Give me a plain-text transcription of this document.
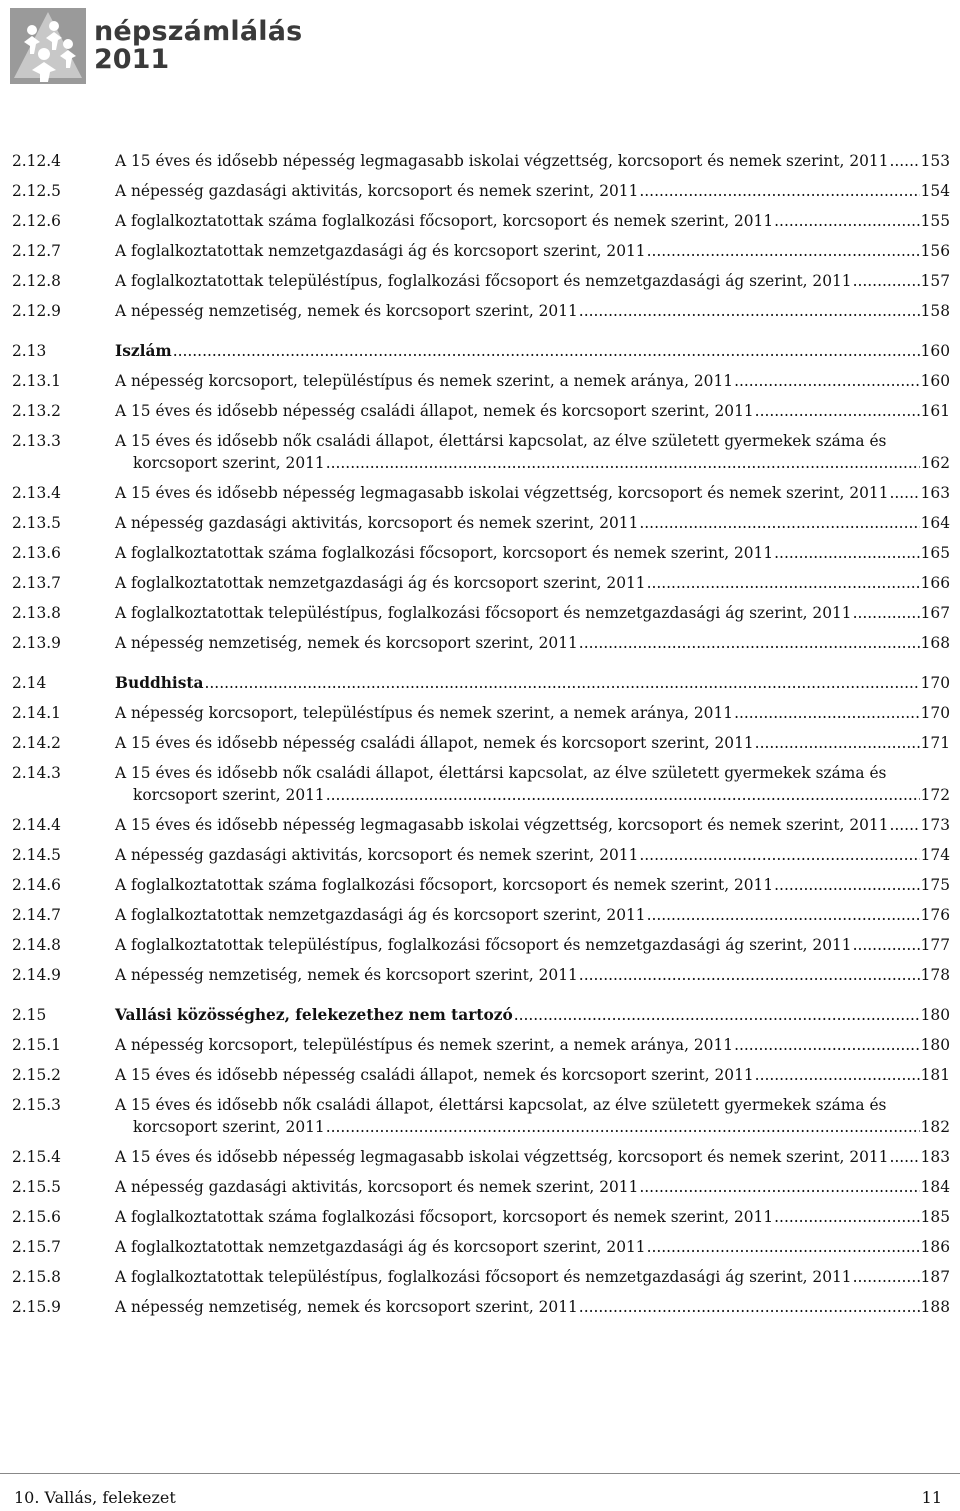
népszámlálás
2011
2.12.4	A 15 éves és idősebb népesség legmagasabb iskolai végzettség, korcsoport és nemek szerint, 2011 ..... 153
2.12.5	A népesség gazdasági aktivitás, korcsoport és nemek szerint, 2011 .....	154
2.12.6	A foglalkoztatottak száma foglalkozási főcsoport, korcsoport és nemek szerint, 2011 .....	155
2.12.7	A foglalkoztatottak nemzetgazdasági ág és korcsoport szerint, 2011 .....	156
2.12.8	A foglalkoztatottak településtípus, foglalkozási főcsoport és nemzetgazdasági ág szerint, 2011 .....	157
2.12.9	A népesség nemzetiség, nemek és korcsoport szerint, 2011 .....	158
2.13	Iszlám .....	160
2.13.1	A népesség korcsoport, településtípus és nemek szerint, a nemek aránya, 2011 .....	160
2.13.2	A 15 éves és idősebb népesség családi állapot, nemek és korcsoport szerint, 2011 .....	161
2.13.3	A 15 éves és idősebb nők családi állapot, élettársi kapcsolat, az élve született gyermekek száma és
korcsoport szerint, 2011 .....	162
2.13.4	A 15 éves és idősebb népesség legmagasabb iskolai végzettség, korcsoport és nemek szerint, 2011 ..... 163
2.13.5	A népesség gazdasági aktivitás, korcsoport és nemek szerint, 2011 .....	164
2.13.6	A foglalkoztatottak száma foglalkozási főcsoport, korcsoport és nemek szerint, 2011 .....	165
2.13.7	A foglalkoztatottak nemzetgazdasági ág és korcsoport szerint, 2011 .....	166
2.13.8	A foglalkoztatottak településtípus, foglalkozási főcsoport és nemzetgazdasági ág szerint, 2011 .....	167
2.13.9	A népesség nemzetiség, nemek és korcsoport szerint, 2011 .....	168
2.14	Buddhista .....	170
2.14.1	A népesség korcsoport, településtípus és nemek szerint, a nemek aránya, 2011 .....	170
2.14.2	A 15 éves és idősebb népesség családi állapot, nemek és korcsoport szerint, 2011 .....	171
2.14.3	A 15 éves és idősebb nők családi állapot, élettársi kapcsolat, az élve született gyermekek száma és
korcsoport szerint, 2011 .....	172
2.14.4	A 15 éves és idősebb népesség legmagasabb iskolai végzettség, korcsoport és nemek szerint, 2011 ..... 173
2.14.5	A népesség gazdasági aktivitás, korcsoport és nemek szerint, 2011 .....	174
2.14.6	A foglalkoztatottak száma foglalkozási főcsoport, korcsoport és nemek szerint, 2011 .....	175
2.14.7	A foglalkoztatottak nemzetgazdasági ág és korcsoport szerint, 2011 .....	176
2.14.8	A foglalkoztatottak településtípus, foglalkozási főcsoport és nemzetgazdasági ág szerint, 2011 .....	177
2.14.9	A népesség nemzetiség, nemek és korcsoport szerint, 2011 .....	178
2.15	Vallási közösséghez, felekezethez nem tartozó .....	180
2.15.1	A népesség korcsoport, településtípus és nemek szerint, a nemek aránya, 2011 .....	180
2.15.2	A 15 éves és idősebb népesség családi állapot, nemek és korcsoport szerint, 2011 .....	181
2.15.3	A 15 éves és idősebb nők családi állapot, élettársi kapcsolat, az élve született gyermekek száma és
korcsoport szerint, 2011 .....	182
2.15.4	A 15 éves és idősebb népesség legmagasabb iskolai végzettség, korcsoport és nemek szerint, 2011 ..... 183
2.15.5	A népesség gazdasági aktivitás, korcsoport és nemek szerint, 2011 .....	184
2.15.6	A foglalkoztatottak száma foglalkozási főcsoport, korcsoport és nemek szerint, 2011 .....	185
2.15.7	A foglalkoztatottak nemzetgazdasági ág és korcsoport szerint, 2011 .....	186
2.15.8	A foglalkoztatottak településtípus, foglalkozási főcsoport és nemzetgazdasági ág szerint, 2011 .....	187
2.15.9	A népesség nemzetiség, nemek és korcsoport szerint, 2011 .....	188
10. Vallás, felekezet	11
